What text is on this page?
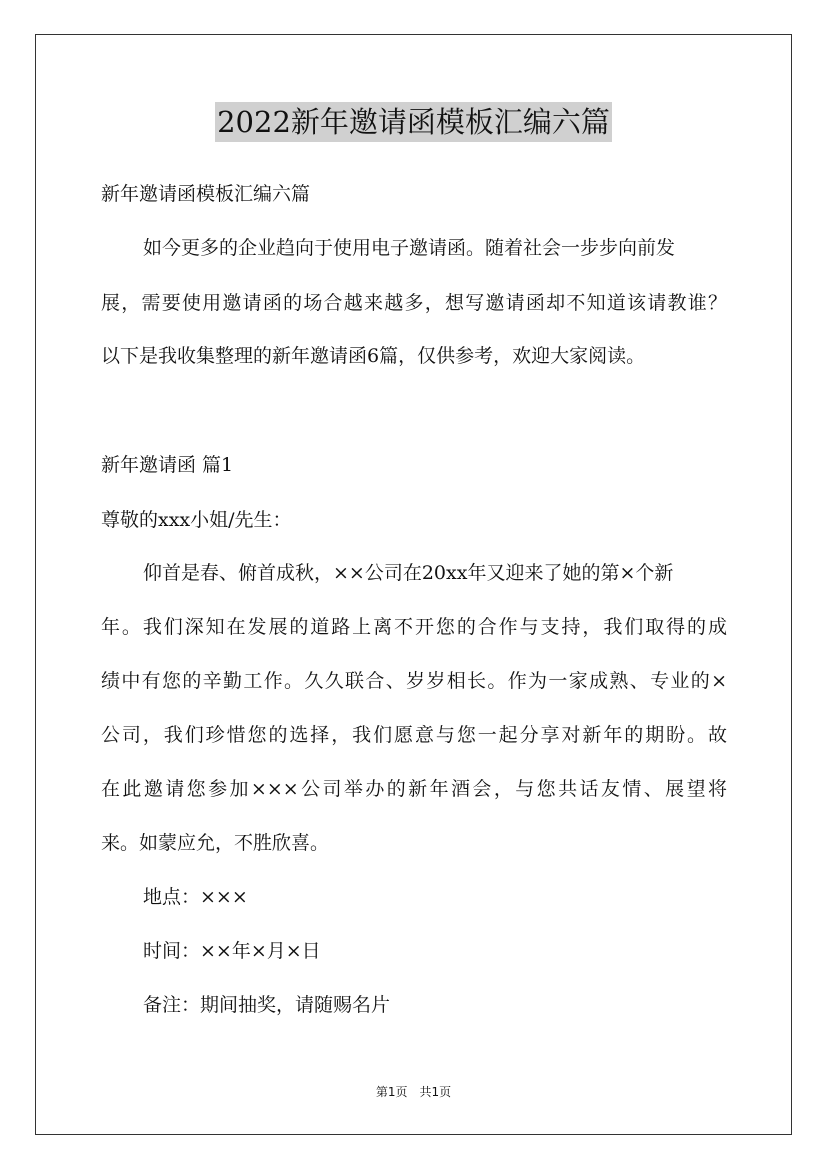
2022新年邀请函模板汇编六篇
新年邀请函模板汇编六篇
如今更多的企业趋向于使用电子邀请函。随着社会一步步向前发
展，需要使用邀请函的场合越来越多，想写邀请函却不知道该请教谁？
以下是我收集整理的新年邀请函6篇，仅供参考，欢迎大家阅读。
新年邀请函 篇1
尊敬的xxx小姐/先生：
仰首是春、俯首成秋，××公司在20xx年又迎来了她的第×个新
年。我们深知在发展的道路上离不开您的合作与支持，我们取得的成
绩中有您的辛勤工作。久久联合、岁岁相长。作为一家成熟、专业的×
公司，我们珍惜您的选择，我们愿意与您一起分享对新年的期盼。故
在此邀请您参加×××公司举办的新年酒会，与您共话友情、展望将
来。如蒙应允，不胜欣喜。
地点：×××
时间：××年×月×日
备注：期间抽奖，请随赐名片
第1页　共1页
